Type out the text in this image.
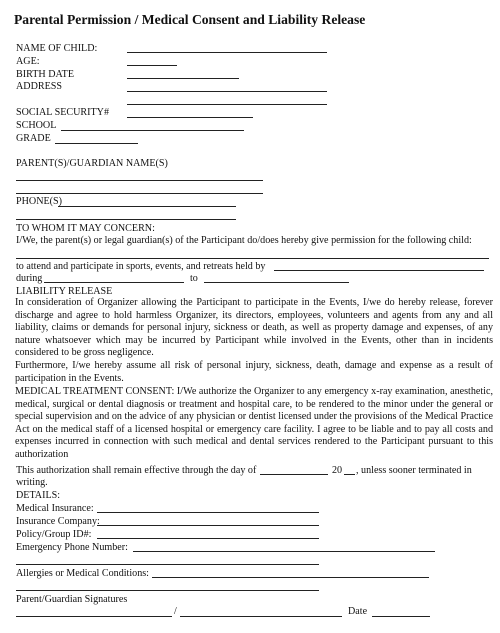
Parental Permission / Medical Consent and Liability Release
NAME OF CHILD:
AGE:
BIRTH DATE
ADDRESS
SOCIAL SECURITY#
SCHOOL
GRADE
PARENT(S)/GUARDIAN NAME(S)
PHONE(S)
TO WHOM IT MAY CONCERN:
I/We, the parent(s) or legal guardian(s) of the Participant do/does hereby give permission for the following child:
to attend and participate in sports, events, and retreats held by
during	to
LIABILITY RELEASE
In consideration of Organizer allowing the Participant to participate in the Events, I/we do hereby release, forever discharge and agree to hold harmless Organizer, its directors, employees, volunteers and agents from any and all liability, claims or demands for personal injury, sickness or death, as well as property damage and expenses, of any nature whatsoever which may be incurred by Participant while involved in the Events, other than in incidents considered to be gross negligence.
Furthermore, I/we hereby assume all risk of personal injury, sickness, death, damage and expense as a result of participation in the Events.
MEDICAL TREATMENT CONSENT: I/We authorize the Organizer to any emergency x-ray examination, anesthetic, medical, surgical or dental diagnosis or treatment and hospital care, to be rendered to the minor under the general or special supervision and on the advice of any physician or dentist licensed under the provisions of the Medical Practice Act on the medical staff of a licensed hospital or emergency care facility. I agree to be liable and to pay all costs and expenses incurred in connection with such medical and dental services rendered to the Participant pursuant to this authorization
This authorization shall remain effective through the day of	20 , unless sooner terminated in
writing.
DETAILS:
Medical Insurance:
Insurance Company:
Policy/Group ID#:
Emergency Phone Number:
Allergies or Medical Conditions:
Parent/Guardian Signatures
/	Date
